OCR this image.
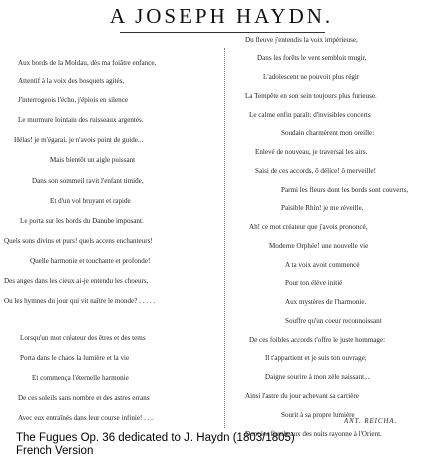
A JOSEPH HAYDN.
Aux bords de la Moldau, dès ma foiâtre enfance,
Attentif à la voix des bosquets agités,
J'interrogeois l'écho, j'épiois en silence
Le murmure lointain des ruisseaux argentés.
Hélas! je m'égarai, je n'avois point de guide...
Mais bientôt un aigle puissant
Dans son sommeil ravit l'enfant timide,
Et d'un vol bruyant et rapide
Le porta sur les bords du Danube imposant.
Quels sons divins et purs! quels accens enchanteurs!
Quelle harmonie et touchante et profonde!
Des anges dans les cieux ai-je entendu les choeurs,
Ou les hymnes du jour qui vit naître le monde? . . . . .
Lorsqu'un mot créateur des êtres et des tems
Porta dans le chaos la lumière et la vie
Et commença l'éternelle harmonie
De ces soleils sans nombre et des astres errans
Avec eux entraînés dans leur course infinie! . . .
Du fleuve j'entendis la voix impérieuse,
Dans les forêts le vent sembloit mugir,
L'adolescent ne pouvoit plus régir
La Tempête en son sein toujours plus furieuse.
Le calme enfin paraît: d'invisibles concerts
Soudain charmèrent mon oreille:
Enlevé de nouveau, je traversai les airs.
Saisi de ces accords, ô délice! ô merveille!
Parmi les fleurs dont les bords sont couverts,
Paisible Rhin! je me réveille.
Ah! ce mot créateur que j'avois prononcé,
Moderne Orphée! une nouvelle vie
A ta voix avoit commencé
Pour ton élève initié
Aux mystères de l'harmonie.
Souffre qu'un coeur reconnoissant
De ces foibles accords t'offre le juste hommage:
Il t'appartient et je suis ton ouvrage;
Daigne sourire à mon zèle naissant...
Ainsi l'astre du jour achevant sa carrière
Sourit à sa propre lumière
Dont les flambeaux des nuits rayonne à l'Orient.
ANT. REICHA.
The Fugues Op. 36 dedicated to J. Haydn (1803/1805)
French Version
